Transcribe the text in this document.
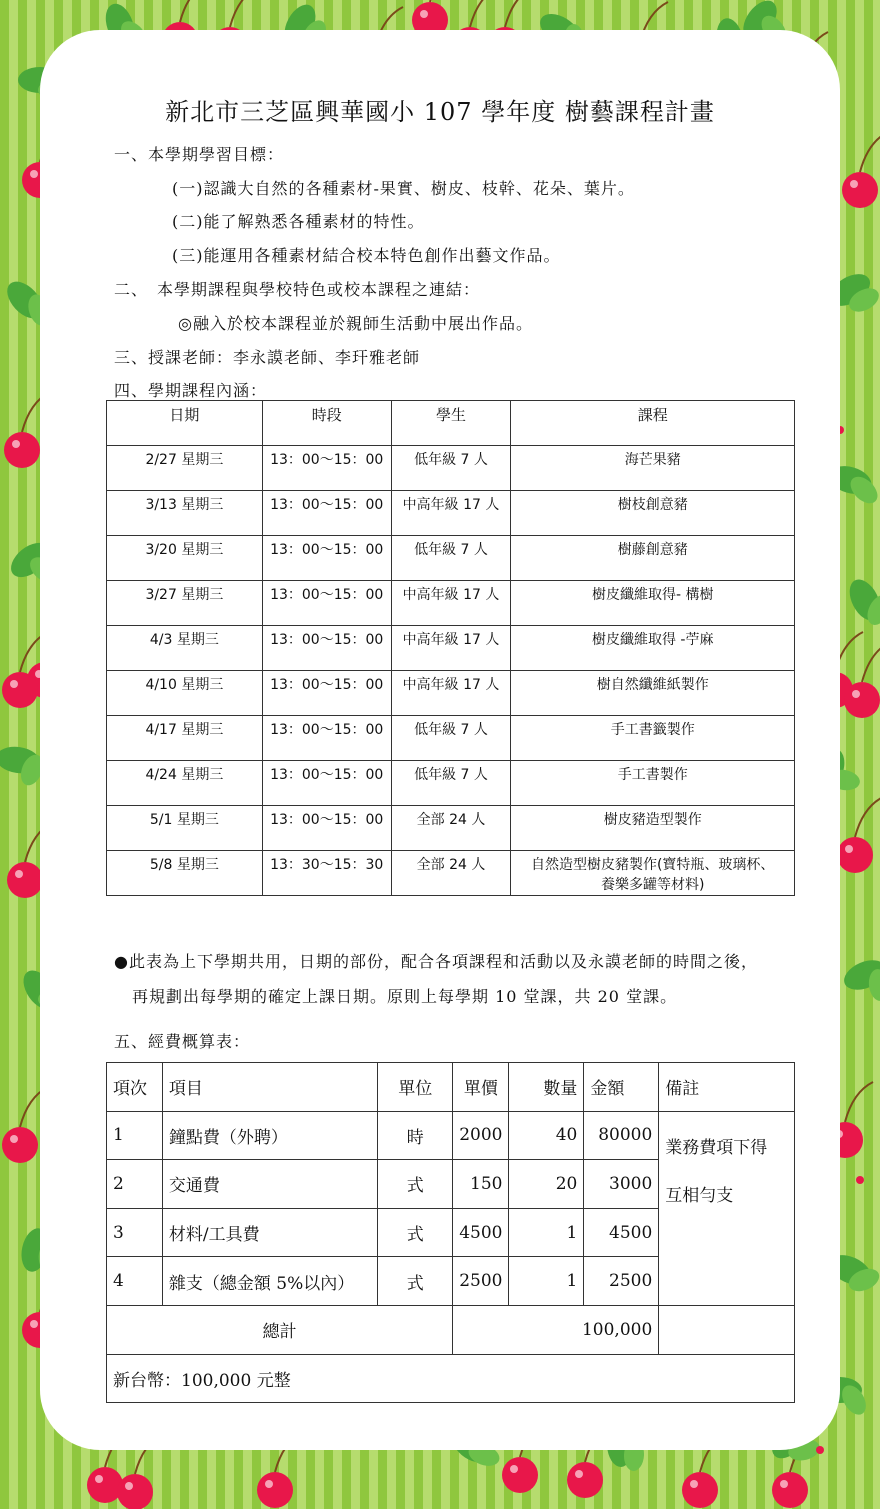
新北市三芝區興華國小 107 學年度 樹藝課程計畫
一、本學期學習目標：
(一)認識大自然的各種素材-果實、樹皮、枝幹、花朵、葉片。
(二)能了解熟悉各種素材的特性。
(三)能運用各種素材結合校本特色創作出藝文作品。
二、　本學期課程與學校特色或校本課程之連結：
◎融入於校本課程並於親師生活動中展出作品。
三、授課老師：李永謨老師、李玕雅老師
四、學期課程內涵：
日期	時段	學生	課程
2/27 星期三	13：00～15：00	低年級 7 人	海芒果豬

3/13 星期三	13：00～15：00	中高年級 17 人	樹枝創意豬

3/20 星期三	13：00～15：00	低年級 7 人	樹藤創意豬

3/27 星期三	13：00～15：00	中高年級 17 人	樹皮纖維取得- 構樹

4/3 星期三	13：00～15：00	中高年級 17 人	樹皮纖維取得 -苧麻

4/10 星期三	13：00～15：00	中高年級 17 人	樹自然纖維紙製作

4/17 星期三	13：00～15：00	低年級 7 人	手工書籤製作

4/24 星期三	13：00～15：00	低年級 7 人	手工書製作

5/1 星期三	13：00～15：00	全部 24 人	樹皮豬造型製作

5/8 星期三	13：30～15：30	全部 24 人	自然造型樹皮豬製作(寶特瓶、玻璃杯、
養樂多罐等材料)
●此表為上下學期共用，日期的部份，配合各項課程和活動以及永謨老師的時間之後，
再規劃出每學期的確定上課日期。原則上每學期 10 堂課，共 20 堂課。
五、經費概算表：
項次	項目	單位	單價	數量	金額	備註
1	鐘點費（外聘）	時	2000	40	80000	業務費項下得
互相勻支

2	交通費	式	150	20	3000	
3	材料/工具費	式	4500	1	4500	
4	雜支（總金額 5%以內）	式	2500	1	2500	
總計			100,000			
新台幣：100,000 元整						
